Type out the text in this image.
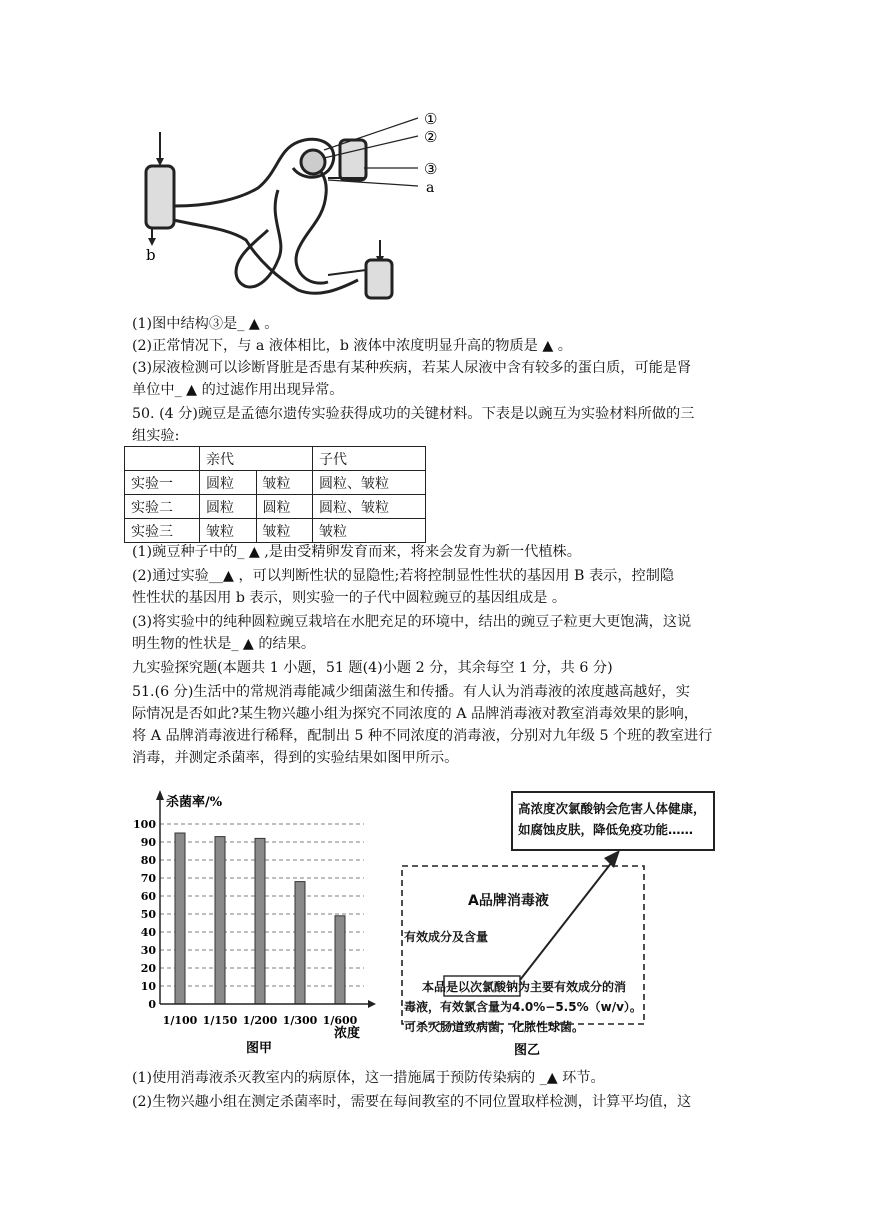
①
②
③
a
b
(1)图中结构③是_ ▲ 。
(2)正常情况下，与 a 液体相比，b 液体中浓度明显升高的物质是 ▲ 。
(3)尿液检测可以诊断肾脏是否患有某种疾病，若某人尿液中含有较多的蛋白质，可能是肾
单位中_ ▲ 的过滤作用出现异常。
50. (4 分)豌豆是孟德尔遗传实验获得成功的关键材料。下表是以豌互为实验材料所做的三
组实验:
	亲代		子代
实验一	圆粒	皱粒	圆粒、皱粒
实验二	圆粒	圆粒	圆粒、皱粒
实验三	皱粒	皱粒	皱粒
(1)豌豆种子中的_ ▲ ,是由受精卵发育而来，将来会发育为新一代植株。
(2)通过实验__▲ ，可以判断性状的显隐性;若将控制显性性状的基因用 B 表示，控制隐
性性状的基因用 b 表示，则实验一的子代中圆粒豌豆的基因组成是 。
(3)将实验中的纯种圆粒豌豆栽培在水肥充足的环境中，结出的豌豆子粒更大更饱满，这说
明生物的性状是_ ▲ 的结果。
九实验探究题(本题共 1 小题，51 题(4)小题 2 分，其余每空 1 分，共 6 分)
51.(6 分)生活中的常规消毒能减少细菌滋生和传播。有人认为消毒液的浓度越高越好，实
际情况是否如此?某生物兴趣小组为探究不同浓度的 A 品牌消毒液对教室消毒效果的影响，
将 A 品牌消毒液进行稀释，配制出 5 种不同浓度的消毒液，分别对九年级 5 个班的教室进行
消毒，并测定杀菌率，得到的实验结果如图甲所示。
0
10
20
30
40
50
60
70
80
90
100
1/100 1/150 1/200 1/300 1/600
杀菌率/%
浓度
图甲	图乙
高浓度次氯酸钠会危害人体健康，
如腐蚀皮肤，降低免疫功能……
A品牌消毒液
有效成分及含量
本品是以次氯酸钠为主要有效成分的消
毒液，有效氯含量为4.0%−5.5%（w/v）。
可杀灭肠道致病菌，化脓性球菌。
(1)使用消毒液杀灭教室内的病原体，这一措施属于预防传染病的 _▲ 环节。
(2)生物兴趣小组在测定杀菌率时，需要在每间教室的不同位置取样检测，计算平均值，这
